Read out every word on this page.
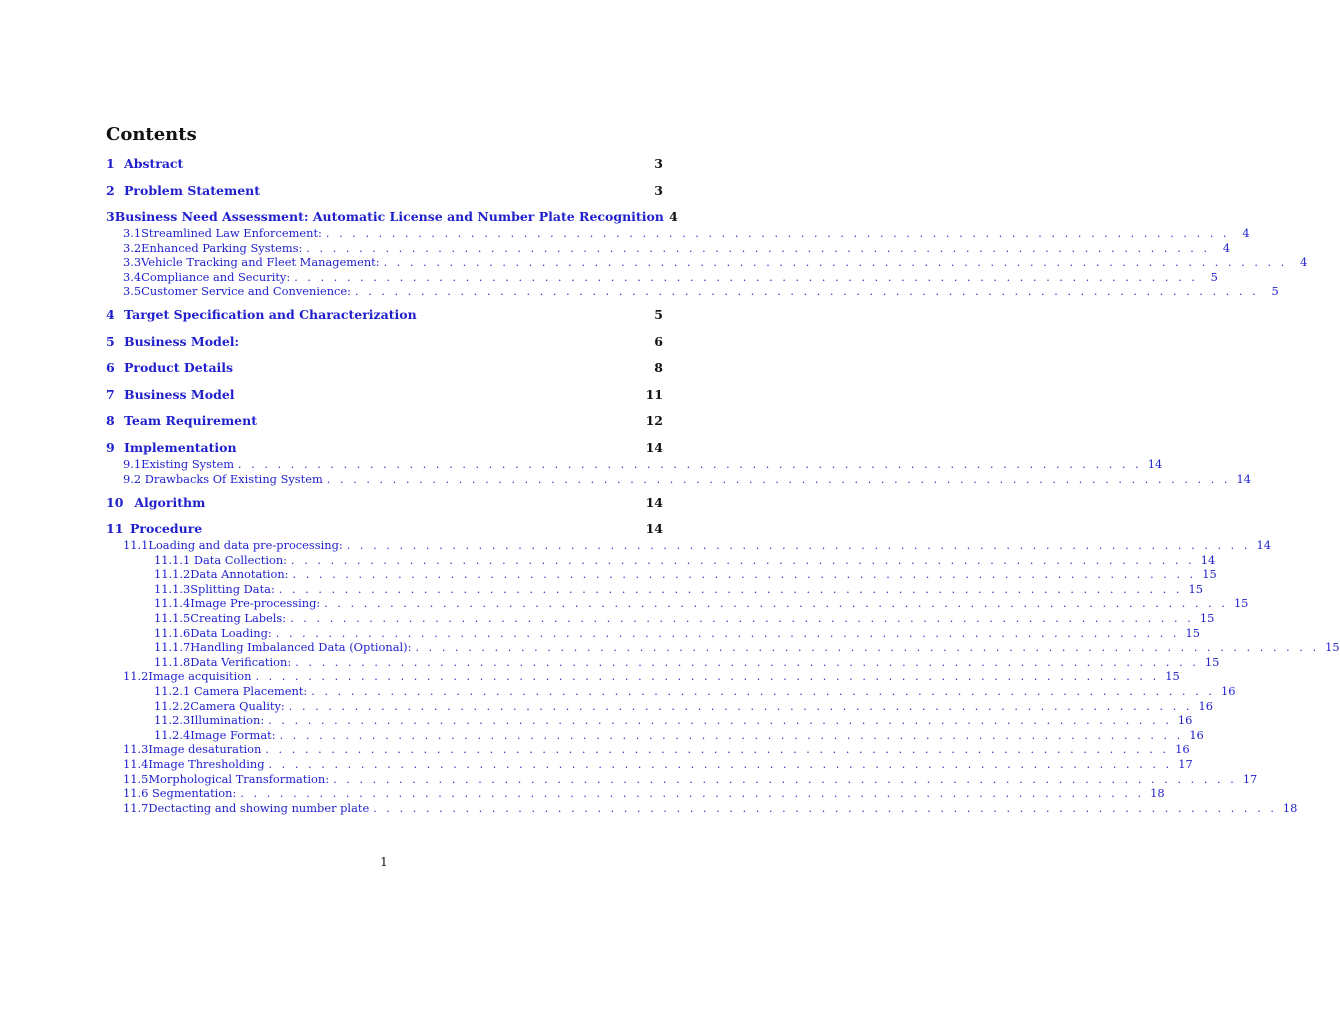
Contents
1 Abstract	3
2 Problem Statement	3
3 Business Need Assessment: Automatic License and Number Plate Recognition 4
3.1 Streamlined Law Enforcement: . . . . . . . . . . . . . . . . . . . . . . . . . . . . . . . . . . . . . . . . . . . . . . . . . . . . . . . . . . . . . . . . . . . . .	4
3.2 Enhanced Parking Systems: . . . . . . . . . . . . . . . . . . . . . . . . . . . . . . . . . . . . . . . . . . . . . . . . . . . . . . . . . . . . . . . . . . . . .	4
3.3 Vehicle Tracking and Fleet Management: . . . . . . . . . . . . . . . . . . . . . . . . . . . . . . . . . . . . . . . . . . . . . . . . . . . . . . . . . . . . . . . . . . . . .	4
3.4 Compliance and Security: . . . . . . . . . . . . . . . . . . . . . . . . . . . . . . . . . . . . . . . . . . . . . . . . . . . . . . . . . . . . . . . . . . . . .	5
3.5 Customer Service and Convenience: . . . . . . . . . . . . . . . . . . . . . . . . . . . . . . . . . . . . . . . . . . . . . . . . . . . . . . . . . . . . . . . . . . . . .	5
4 Target Specification and Characterization	5
5 Business Model:	6
6 Product Details	8
7 Business Model	11
8 Team Requirement	12
9 Implementation	14
9.1 Existing System . . . . . . . . . . . . . . . . . . . . . . . . . . . . . . . . . . . . . . . . . . . . . . . . . . . . . . . . . . . . . . . . . . . . . 14
9.2 Drawbacks Of Existing System . . . . . . . . . . . . . . . . . . . . . . . . . . . . . . . . . . . . . . . . . . . . . . . . . . . . . . . . . . . . . . . . . . . . . 14
10 Algorithm	14
11 Procedure	14
11.1 Loading and data pre-processing: . . . . . . . . . . . . . . . . . . . . . . . . . . . . . . . . . . . . . . . . . . . . . . . . . . . . . . . . . . . . . . . . . . . . . 14
11.1.1 Data Collection: . . . . . . . . . . . . . . . . . . . . . . . . . . . . . . . . . . . . . . . . . . . . . . . . . . . . . . . . . . . . . . . . . . . . . 14
11.1.2 Data Annotation: . . . . . . . . . . . . . . . . . . . . . . . . . . . . . . . . . . . . . . . . . . . . . . . . . . . . . . . . . . . . . . . . . . . . . 15
11.1.3 Splitting Data: . . . . . . . . . . . . . . . . . . . . . . . . . . . . . . . . . . . . . . . . . . . . . . . . . . . . . . . . . . . . . . . . . . . . . 15
11.1.4 Image Pre-processing: . . . . . . . . . . . . . . . . . . . . . . . . . . . . . . . . . . . . . . . . . . . . . . . . . . . . . . . . . . . . . . . . . . . . . 15
11.1.5 Creating Labels: . . . . . . . . . . . . . . . . . . . . . . . . . . . . . . . . . . . . . . . . . . . . . . . . . . . . . . . . . . . . . . . . . . . . . 15
11.1.6 Data Loading: . . . . . . . . . . . . . . . . . . . . . . . . . . . . . . . . . . . . . . . . . . . . . . . . . . . . . . . . . . . . . . . . . . . . . 15
11.1.7 Handling Imbalanced Data (Optional): . . . . . . . . . . . . . . . . . . . . . . . . . . . . . . . . . . . . . . . . . . . . . . . . . . . . . . . . . . . . . . . . . . . . . 15
11.1.8 Data Verification: . . . . . . . . . . . . . . . . . . . . . . . . . . . . . . . . . . . . . . . . . . . . . . . . . . . . . . . . . . . . . . . . . . . . . 15
11.2 Image acquisition . . . . . . . . . . . . . . . . . . . . . . . . . . . . . . . . . . . . . . . . . . . . . . . . . . . . . . . . . . . . . . . . . . . . . 15
11.2.1 Camera Placement: . . . . . . . . . . . . . . . . . . . . . . . . . . . . . . . . . . . . . . . . . . . . . . . . . . . . . . . . . . . . . . . . . . . . . 16
11.2.2 Camera Quality: . . . . . . . . . . . . . . . . . . . . . . . . . . . . . . . . . . . . . . . . . . . . . . . . . . . . . . . . . . . . . . . . . . . . . 16
11.2.3 Illumination: . . . . . . . . . . . . . . . . . . . . . . . . . . . . . . . . . . . . . . . . . . . . . . . . . . . . . . . . . . . . . . . . . . . . . 16
11.2.4 Image Format: . . . . . . . . . . . . . . . . . . . . . . . . . . . . . . . . . . . . . . . . . . . . . . . . . . . . . . . . . . . . . . . . . . . . . 16
11.3 Image desaturation . . . . . . . . . . . . . . . . . . . . . . . . . . . . . . . . . . . . . . . . . . . . . . . . . . . . . . . . . . . . . . . . . . . . . 16
11.4 Image Thresholding . . . . . . . . . . . . . . . . . . . . . . . . . . . . . . . . . . . . . . . . . . . . . . . . . . . . . . . . . . . . . . . . . . . . . 17
11.5 Morphological Transformation: . . . . . . . . . . . . . . . . . . . . . . . . . . . . . . . . . . . . . . . . . . . . . . . . . . . . . . . . . . . . . . . . . . . . . 17
11.6 Segmentation: . . . . . . . . . . . . . . . . . . . . . . . . . . . . . . . . . . . . . . . . . . . . . . . . . . . . . . . . . . . . . . . . . . . . . 18
11.7 Dectacting and showing number plate . . . . . . . . . . . . . . . . . . . . . . . . . . . . . . . . . . . . . . . . . . . . . . . . . . . . . . . . . . . . . . . . . . . . . 18
1
